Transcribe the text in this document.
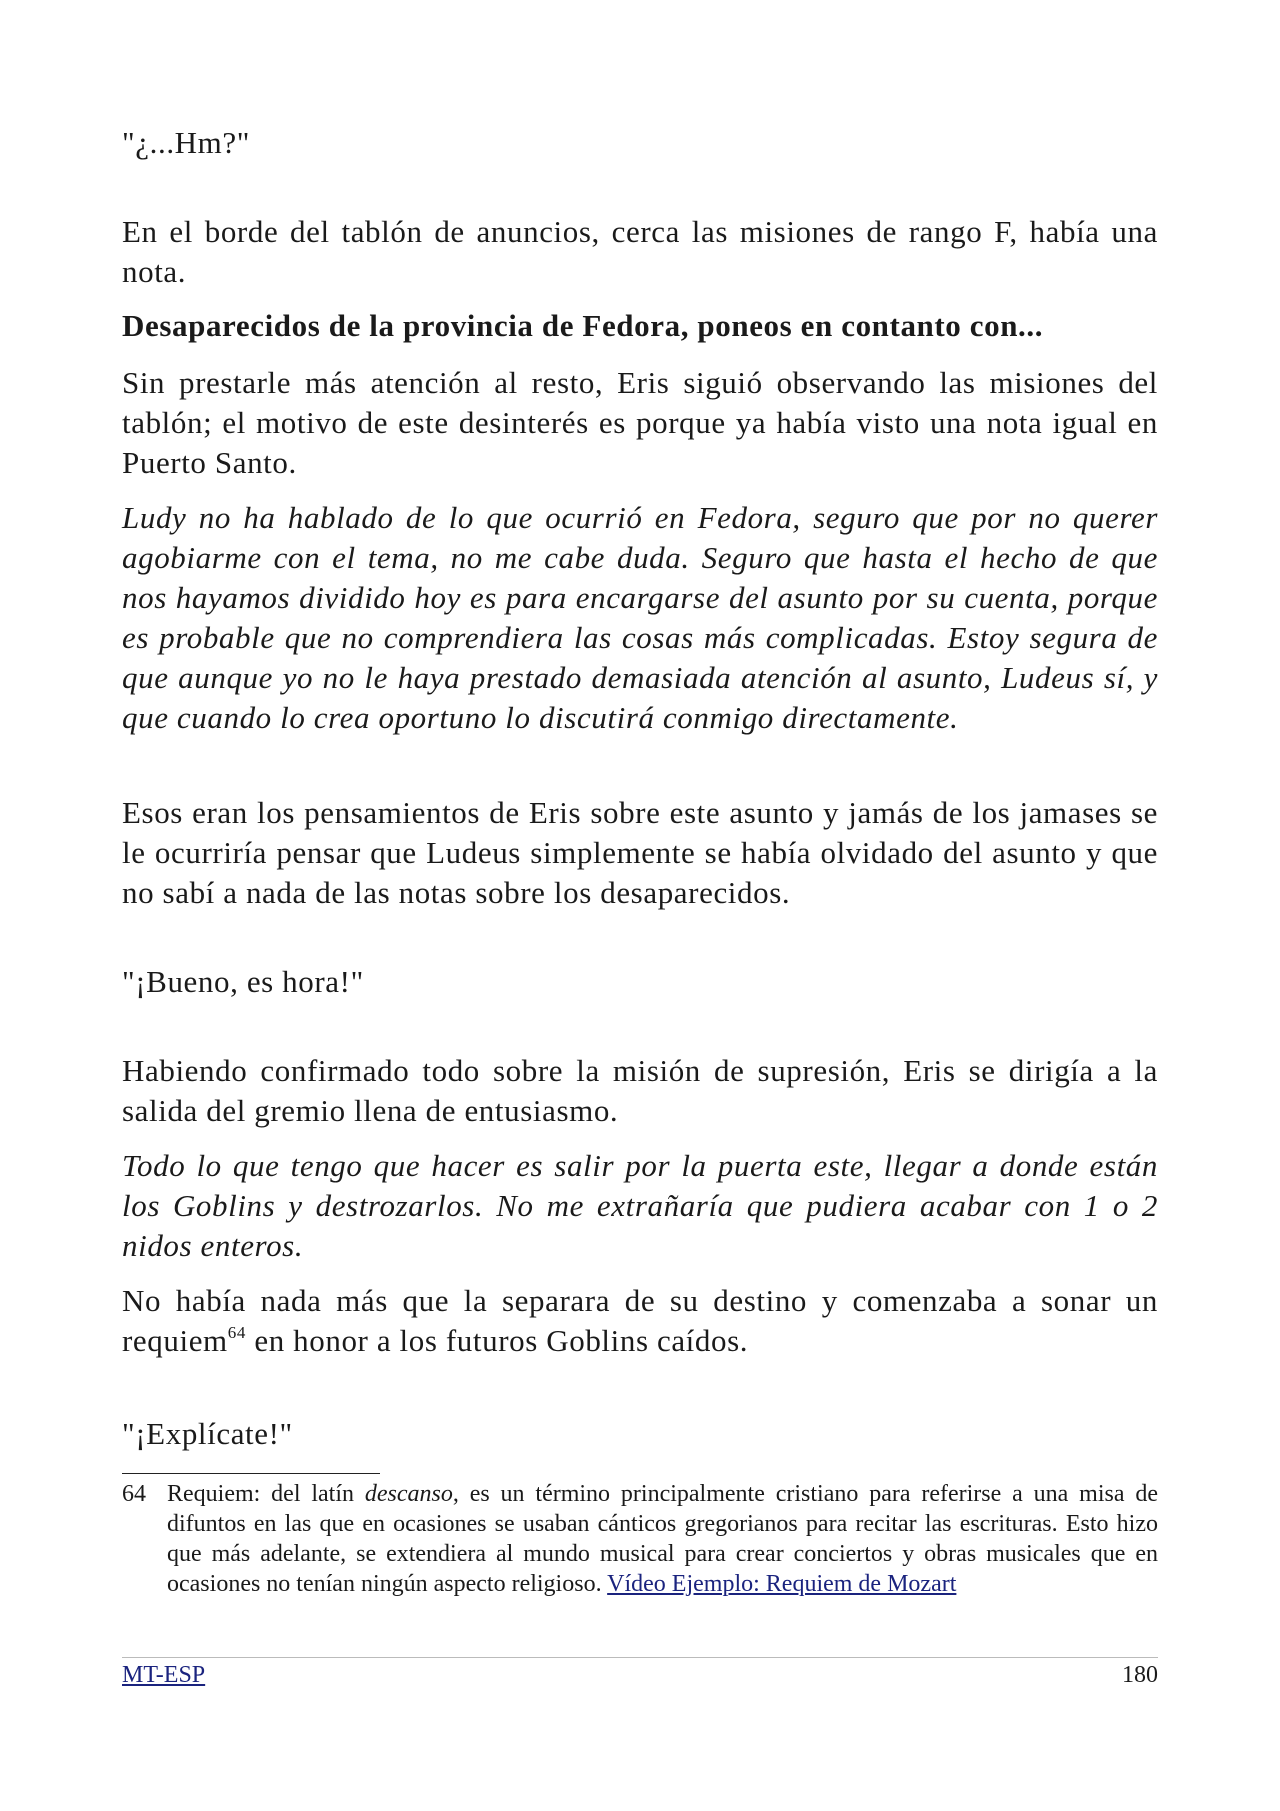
"¿...Hm?"

En el borde del tablón de anuncios, cerca las misiones de rango F, había una nota.

Desaparecidos de la provincia de Fedora, poneos en contanto con...

Sin prestarle más atención al resto, Eris siguió observando las misiones del tablón; el motivo de este desinterés es porque ya había visto una nota igual en Puerto Santo.

Ludy no ha hablado de lo que ocurrió en Fedora, seguro que por no querer agobiarme con el tema, no me cabe duda. Seguro que hasta el hecho de que nos hayamos dividido hoy es para encargarse del asunto por su cuenta, porque es probable que no comprendiera las cosas más complicadas. Estoy segura de que aunque yo no le haya prestado demasiada atención al asunto, Ludeus sí, y que cuando lo crea oportuno lo discutirá conmigo directamente.

Esos eran los pensamientos de Eris sobre este asunto y jamás de los jamases se le ocurriría pensar que Ludeus simplemente se había olvidado del asunto y que no sabí a nada de las notas sobre los desaparecidos.

"¡Bueno, es hora!"

Habiendo confirmado todo sobre la misión de supresión, Eris se dirigía a la salida del gremio llena de entusiasmo.

Todo lo que tengo que hacer es salir por la puerta este, llegar a donde están los Goblins y destrozarlos. No me extrañaría que pudiera acabar con 1 o 2 nidos enteros.

No había nada más que la separara de su destino y comenzaba a sonar un requiem$^{64}$ en honor a los futuros Goblins caídos.

"¡Explícate!"

64 Requiem: del latín descanso, es un término principalmente cristiano para referirse a una misa de difuntos en las que en ocasiones se usaban cánticos gregorianos para recitar las escrituras. Esto hizo que más adelante, se extendiera al mundo musical para crear conciertos y obras musicales que en ocasiones no tenían ningún aspecto religioso. Vídeo Ejemplo: Requiem de Mozart
MT-ESP	180
